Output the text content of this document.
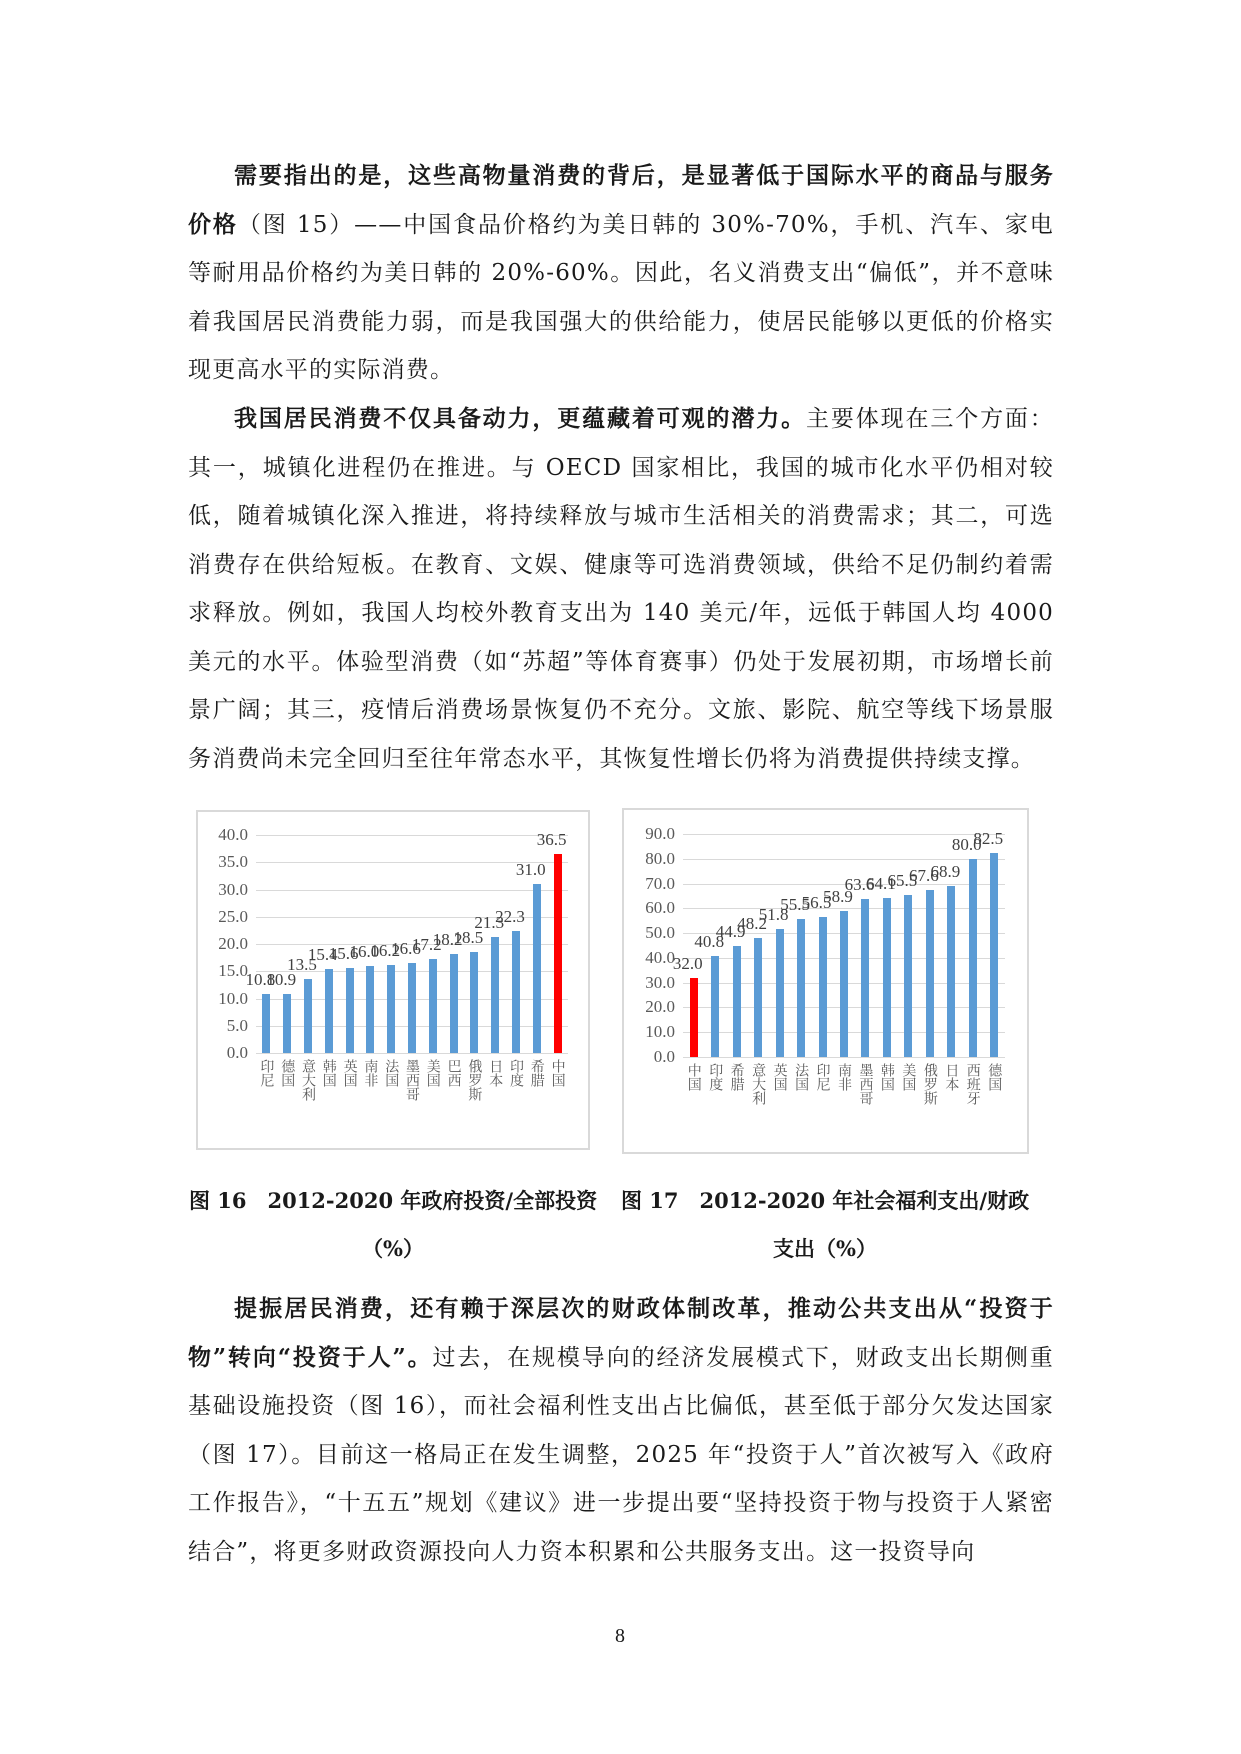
需要指出的是，这些高物量消费的背后，是显著低于国际水平的商品与服务价格（图 15）——中国食品价格约为美日韩的 30%-70%，手机、汽车、家电等耐用品价格约为美日韩的 20%-60%。因此，名义消费支出“偏低”，并不意味着我国居民消费能力弱，而是我国强大的供给能力，使居民能够以更低的价格实现更高水平的实际消费。
我国居民消费不仅具备动力，更蕴藏着可观的潜力。主要体现在三个方面：其一，城镇化进程仍在推进。与 OECD 国家相比，我国的城市化水平仍相对较低，随着城镇化深入推进，将持续释放与城市生活相关的消费需求；其二，可选消费存在供给短板。在教育、文娱、健康等可选消费领域，供给不足仍制约着需求释放。例如，我国人均校外教育支出为 140 美元/年，远低于韩国人均 4000 美元的水平。体验型消费（如“苏超”等体育赛事）仍处于发展初期，市场增长前景广阔；其三，疫情后消费场景恢复仍不充分。文旅、影院、航空等线下场景服务消费尚未完全回归至往年常态水平，其恢复性增长仍将为消费提供持续支撑。
0.0
5.0
10.0
15.0
20.0
25.0
30.0
35.0
40.0
10.8
印尼
10.9
德国
13.5
意大利
15.4
韩国
15.6
英国
16.0
南非
16.2
法国
16.6
墨西哥
17.2
美国
18.2
巴西
18.5
俄罗斯
21.3
日本
22.3
印度
31.0
希腊
36.5
中国
0.0
10.0
20.0
30.0
40.0
50.0
60.0
70.0
80.0
90.0
32.0
中国
40.8
印度
44.9
希腊
48.2
意大利
51.8
英国
55.5
法国
56.5
印尼
58.9
南非
63.6
墨西哥
64.1
韩国
65.5
美国
67.6
俄罗斯
68.9
日本
80.0
西班牙
82.5
德国
图 16　2012-2020 年政府投资/全部投资（%）
图 17　2012-2020 年社会福利支出/财政支出（%）
提振居民消费，还有赖于深层次的财政体制改革，推动公共支出从“投资于物”转向“投资于人”。过去，在规模导向的经济发展模式下，财政支出长期侧重基础设施投资（图 16），而社会福利性支出占比偏低，甚至低于部分欠发达国家（图 17）。目前这一格局正在发生调整，2025 年“投资于人”首次被写入《政府工作报告》，“十五五”规划《建议》进一步提出要“坚持投资于物与投资于人紧密结合”，将更多财政资源投向人力资本积累和公共服务支出。这一投资导向
8
